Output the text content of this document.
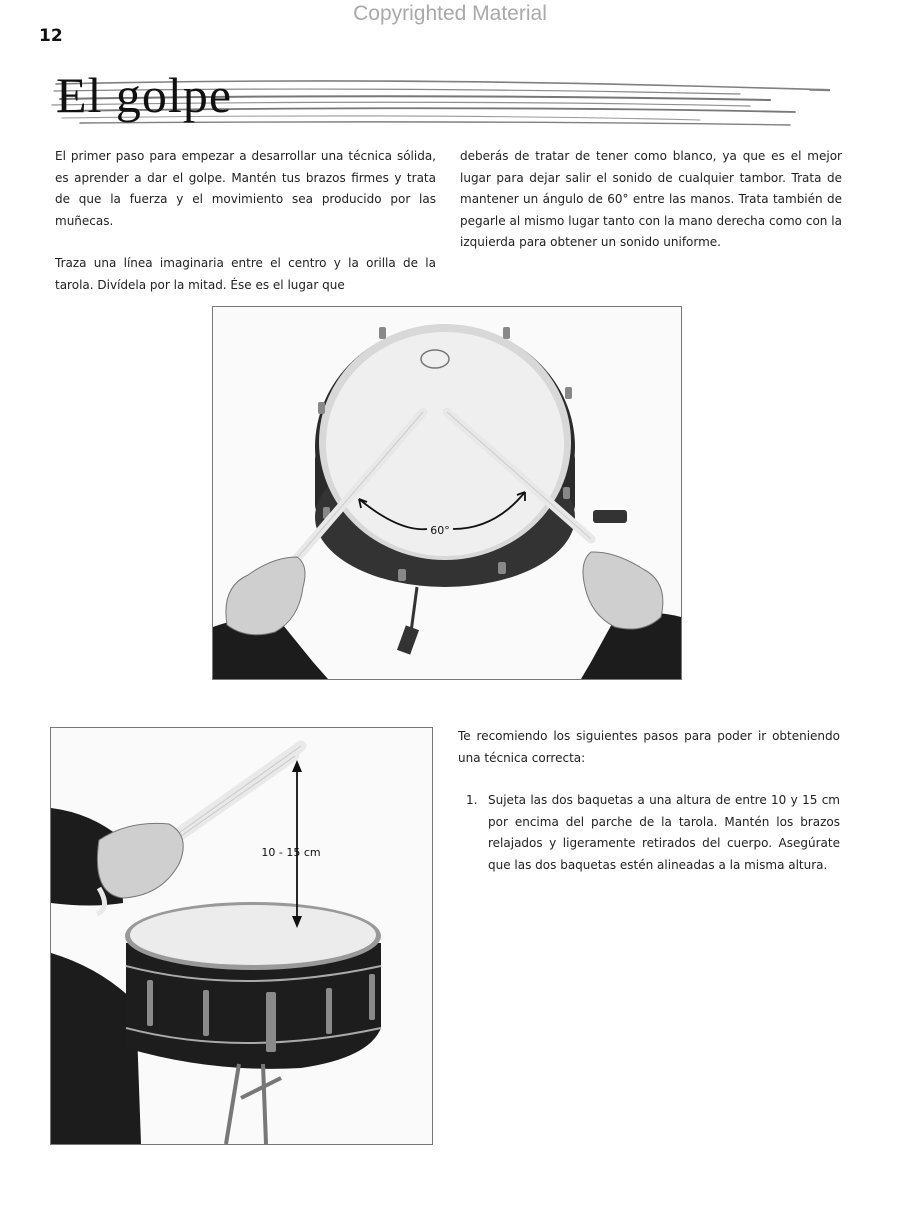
Copyrighted Material
12
El golpe

El primer paso para empezar a desarrollar una técnica sólida, es aprender a dar el golpe. Mantén tus brazos firmes y trata de que la fuerza y el movimiento sea producido por las muñecas.

Traza una línea imaginaria entre el centro y la orilla de la tarola. Divídela por la mitad. Ése es el lugar que

deberás de tratar de tener como blanco, ya que es el mejor lugar para dejar salir el sonido de cualquier tambor. Trata de mantener un ángulo de 60° entre las manos. Trata también de pegarle al mismo lugar tanto con la mano derecha como con la izquierda para obtener un sonido uniforme.

60°
10 - 15 cm

Te recomiendo los siguientes pasos para poder ir obteniendo una técnica correcta:

1. Sujeta las dos baquetas a una altura de entre 10 y 15 cm por encima del parche de la tarola. Mantén los brazos relajados y ligeramente retirados del cuerpo. Asegúrate que las dos baquetas estén alineadas a la misma altura.
